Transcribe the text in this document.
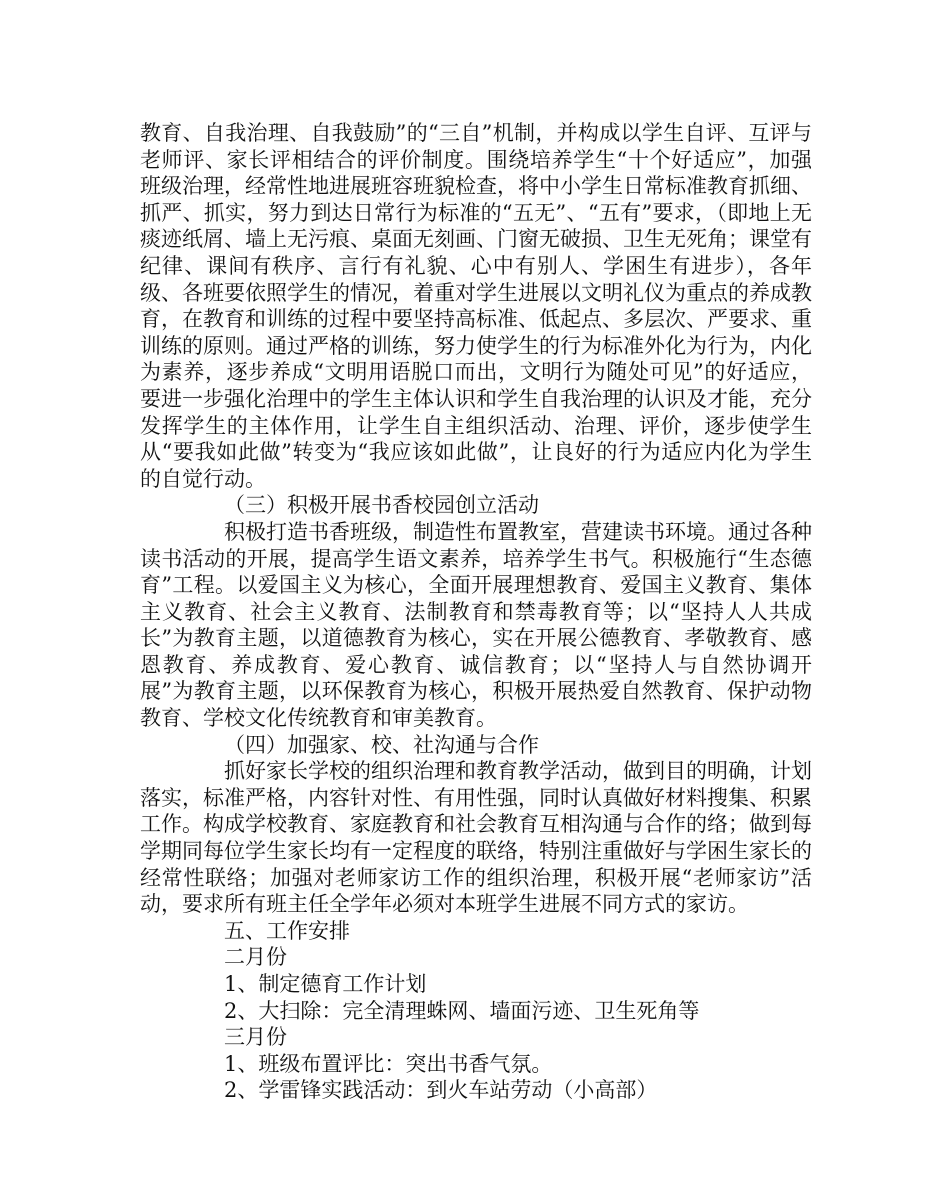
教育、自我治理、自我鼓励”的“三自”机制，并构成以学生自评、互评与老师评、家长评相结合的评价制度。围绕培养学生“十个好适应”，加强班级治理，经常性地进展班容班貌检查，将中小学生日常标准教育抓细、抓严、抓实，努力到达日常行为标准的“五无”、“五有”要求，（即地上无痰迹纸屑、墙上无污痕、桌面无刻画、门窗无破损、卫生无死角；课堂有纪律、课间有秩序、言行有礼貌、心中有别人、学困生有进步），各年级、各班要依照学生的情况，着重对学生进展以文明礼仪为重点的养成教育，在教育和训练的过程中要坚持高标准、低起点、多层次、严要求、重训练的原则。通过严格的训练，努力使学生的行为标准外化为行为，内化为素养，逐步养成“文明用语脱口而出，文明行为随处可见”的好适应，要进一步强化治理中的学生主体认识和学生自我治理的认识及才能，充分发挥学生的主体作用，让学生自主组织活动、治理、评价，逐步使学生从“要我如此做”转变为“我应该如此做”，让良好的行为适应内化为学生的自觉行动。

（三）积极开展书香校园创立活动

积极打造书香班级，制造性布置教室，营建读书环境。通过各种读书活动的开展，提高学生语文素养，培养学生书气。积极施行“生态德育”工程。以爱国主义为核心，全面开展理想教育、爱国主义教育、集体主义教育、社会主义教育、法制教育和禁毒教育等；以“坚持人人共成长”为教育主题，以道德教育为核心，实在开展公德教育、孝敬教育、感恩教育、养成教育、爱心教育、诚信教育；以“坚持人与自然协调开展”为教育主题，以环保教育为核心，积极开展热爱自然教育、保护动物教育、学校文化传统教育和审美教育。

（四）加强家、校、社沟通与合作

抓好家长学校的组织治理和教育教学活动，做到目的明确，计划落实，标准严格，内容针对性、有用性强，同时认真做好材料搜集、积累工作。构成学校教育、家庭教育和社会教育互相沟通与合作的络；做到每学期同每位学生家长均有一定程度的联络，特别注重做好与学困生家长的经常性联络；加强对老师家访工作的组织治理，积极开展“老师家访”活动，要求所有班主任全学年必须对本班学生进展不同方式的家访。

五、工作安排

二月份

1、制定德育工作计划

2、大扫除：完全清理蛛网、墙面污迹、卫生死角等

三月份

1、班级布置评比：突出书香气氛。

2、学雷锋实践活动：到火车站劳动（小高部）
